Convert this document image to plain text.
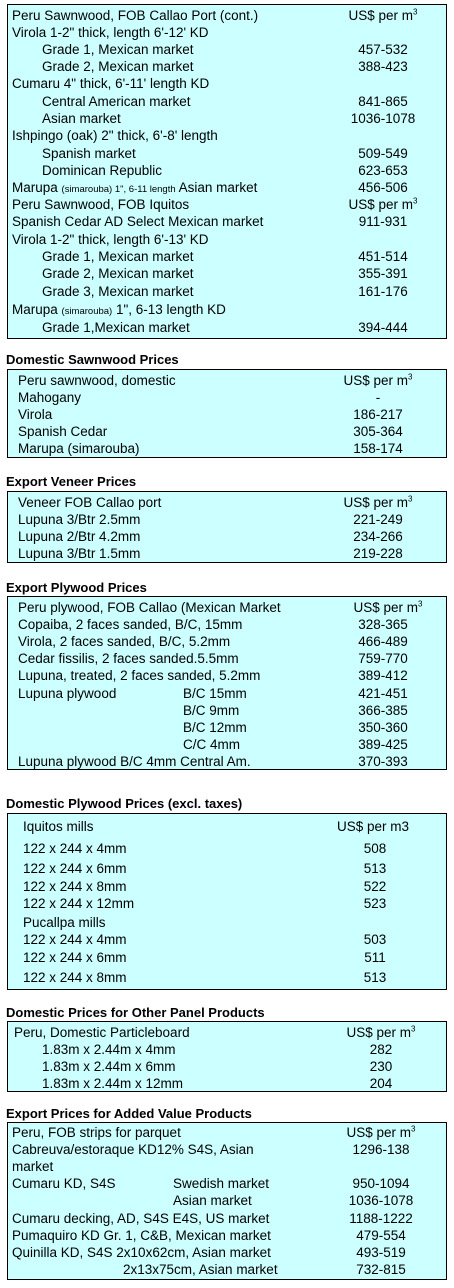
Peru Sawnwood, FOB Callao Port (cont.)	US$ per $m^3$
Virola 1-2" thick, length 6'-12' KD
Grade 1, Mexican market	457-532
Grade 2, Mexican market	388-423
Cumaru 4" thick, 6'-11' length KD
Central American market	841-865
Asian market	1036-1078
Ishpingo (oak) 2" thick, 6'-8' length
Spanish market	509-549
Dominican Republic	623-653
Marupa (simarouba) 1", 6-11 length Asian market	456-506
Peru Sawnwood, FOB Iquitos	US$ per $m^3$
Spanish Cedar AD Select Mexican market	911-931
Virola 1-2" thick, length 6'-13' KD
Grade 1, Mexican market	451-514
Grade 2, Mexican market	355-391
Grade 3, Mexican market	161-176
Marupa (simarouba) 1", 6-13 length KD
Grade 1,Mexican market	394-444
Domestic Sawnwood Prices
Peru sawnwood, domestic	US$ per $m^3$
Mahogany	-
Virola	186-217
Spanish Cedar	305-364
Marupa (simarouba)	158-174
Export Veneer Prices
Veneer FOB Callao port	US$ per $m^3$
Lupuna 3/Btr 2.5mm	221-249
Lupuna 2/Btr 4.2mm	234-266
Lupuna 3/Btr 1.5mm	219-228
Export Plywood Prices
Peru plywood, FOB Callao (Mexican Market	US$ per $m^3$
Copaiba, 2 faces sanded, B/C, 15mm	328-365
Virola, 2 faces sanded, B/C, 5.2mm	466-489
Cedar fissilis, 2 faces sanded.5.5mm	759-770
Lupuna, treated, 2 faces sanded, 5.2mm	389-412
Lupuna plywood	B/C 15mm	421-451
B/C 9mm	366-385
B/C 12mm	350-360
C/C 4mm	389-425
Lupuna plywood B/C 4mm Central Am.	370-393
Domestic Plywood Prices (excl. taxes)
Iquitos mills	US$ per m3
122 x 244 x 4mm	508
122 x 244 x 6mm	513
122 x 244 x 8mm	522
122 x 244 x 12mm	523
Pucallpa mills
122 x 244 x 4mm	503
122 x 244 x 6mm	511
122 x 244 x 8mm	513
Domestic Prices for Other Panel Products
Peru, Domestic Particleboard	US$ per $m^3$
1.83m x 2.44m x 4mm	282
1.83m x 2.44m x 6mm	230
1.83m x 2.44m x 12mm	204
Export Prices for Added Value Products
Peru, FOB strips for parquet	US$ per $m^3$
Cabreuva/estoraque KD12% S4S, Asian	1296-138
market
Cumaru KD, S4S	Swedish market	950-1094
Asian market	1036-1078
Cumaru decking, AD, S4S E4S, US market	1188-1222
Pumaquiro KD Gr. 1, C&B, Mexican market	479-554
Quinilla KD, S4S 2x10x62cm, Asian market	493-519
2x13x75cm, Asian market	732-815
